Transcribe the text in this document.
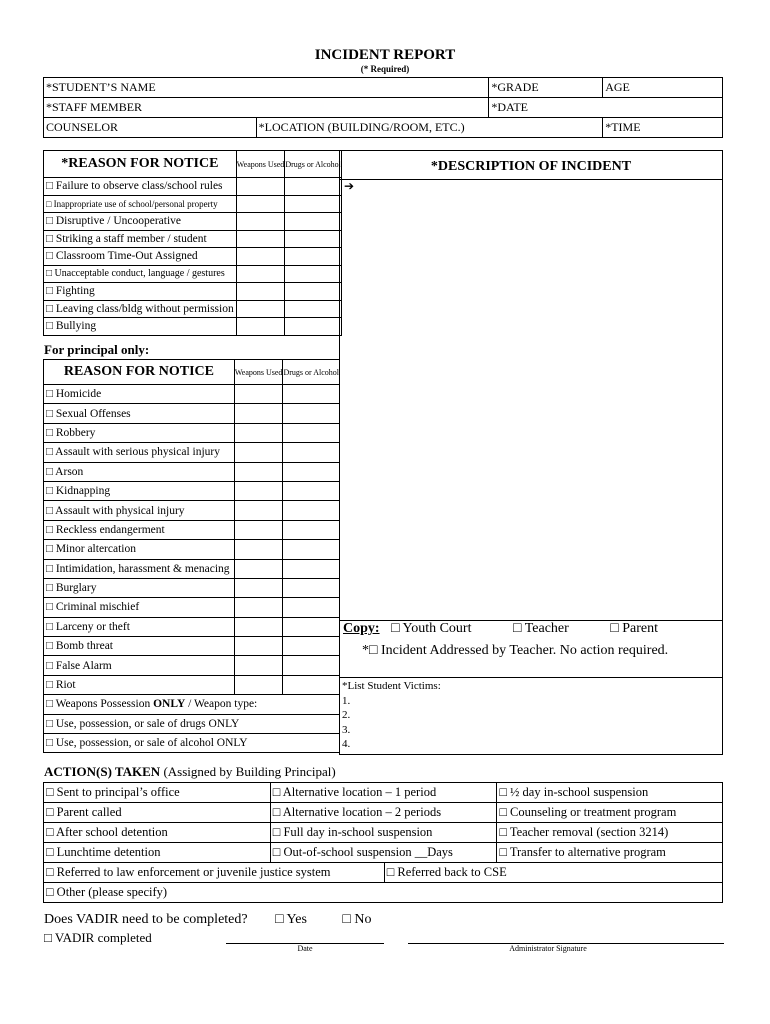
INCIDENT REPORT
(* Required)
*STUDENT’S NAME		*GRADE	AGE
*STAFF MEMBER		*DATE	
COUNSELOR	*LOCATION (BUILDING/ROOM, ETC.)		*TIME
*REASON FOR NOTICE	Weapons Used	Drugs or Alcohol
□ Failure to observe class/school rules		
□ Inappropriate use of school/personal property		
□ Disruptive / Uncooperative		
□ Striking a staff member / student		
□ Classroom Time-Out Assigned		
□ Unacceptable conduct, language / gestures		
□ Fighting		
□ Leaving class/bldg without permission		
□ Bullying		
For principal only:
REASON FOR NOTICE	Weapons Used	Drugs or Alcohol
□ Homicide		
□ Sexual Offenses		
□ Robbery		
□ Assault with serious physical injury		
□ Arson		
□ Kidnapping		
□ Assault with physical injury		
□ Reckless endangerment		
□ Minor altercation		
□ Intimidation, harassment & menacing		
□ Burglary		
□ Criminal mischief		
□ Larceny or theft		
□ Bomb threat		
□ False Alarm		
□ Riot		
□ Weapons Possession ONLY / Weapon type:		
□ Use, possession, or sale of drugs ONLY		
□ Use, possession, or sale of alcohol ONLY		
*DESCRIPTION OF INCIDENT
➔
Copy: □ Youth Court	□ Teacher	□ Parent
*□ Incident Addressed by Teacher. No action required.
*List Student Victims:
1.
2.
3.
4.
ACTION(S) TAKEN (Assigned by Building Principal)
□ Sent to principal’s office	□ Alternative location – 1 period		□ ½ day in-school suspension
□ Parent called	□ Alternative location – 2 periods		□ Counseling or treatment program
□ After school detention	□ Full day in-school suspension		□ Teacher removal (section 3214)
□ Lunchtime detention	□ Out-of-school suspension __Days		□ Transfer to alternative program
□ Referred to law enforcement or juvenile justice system		□ Referred back to CSE	
□ Other (please specify)			
Does VADIR need to be completed? □ Yes	□ No
□ VADIR completed
Date	Administrator Signature
